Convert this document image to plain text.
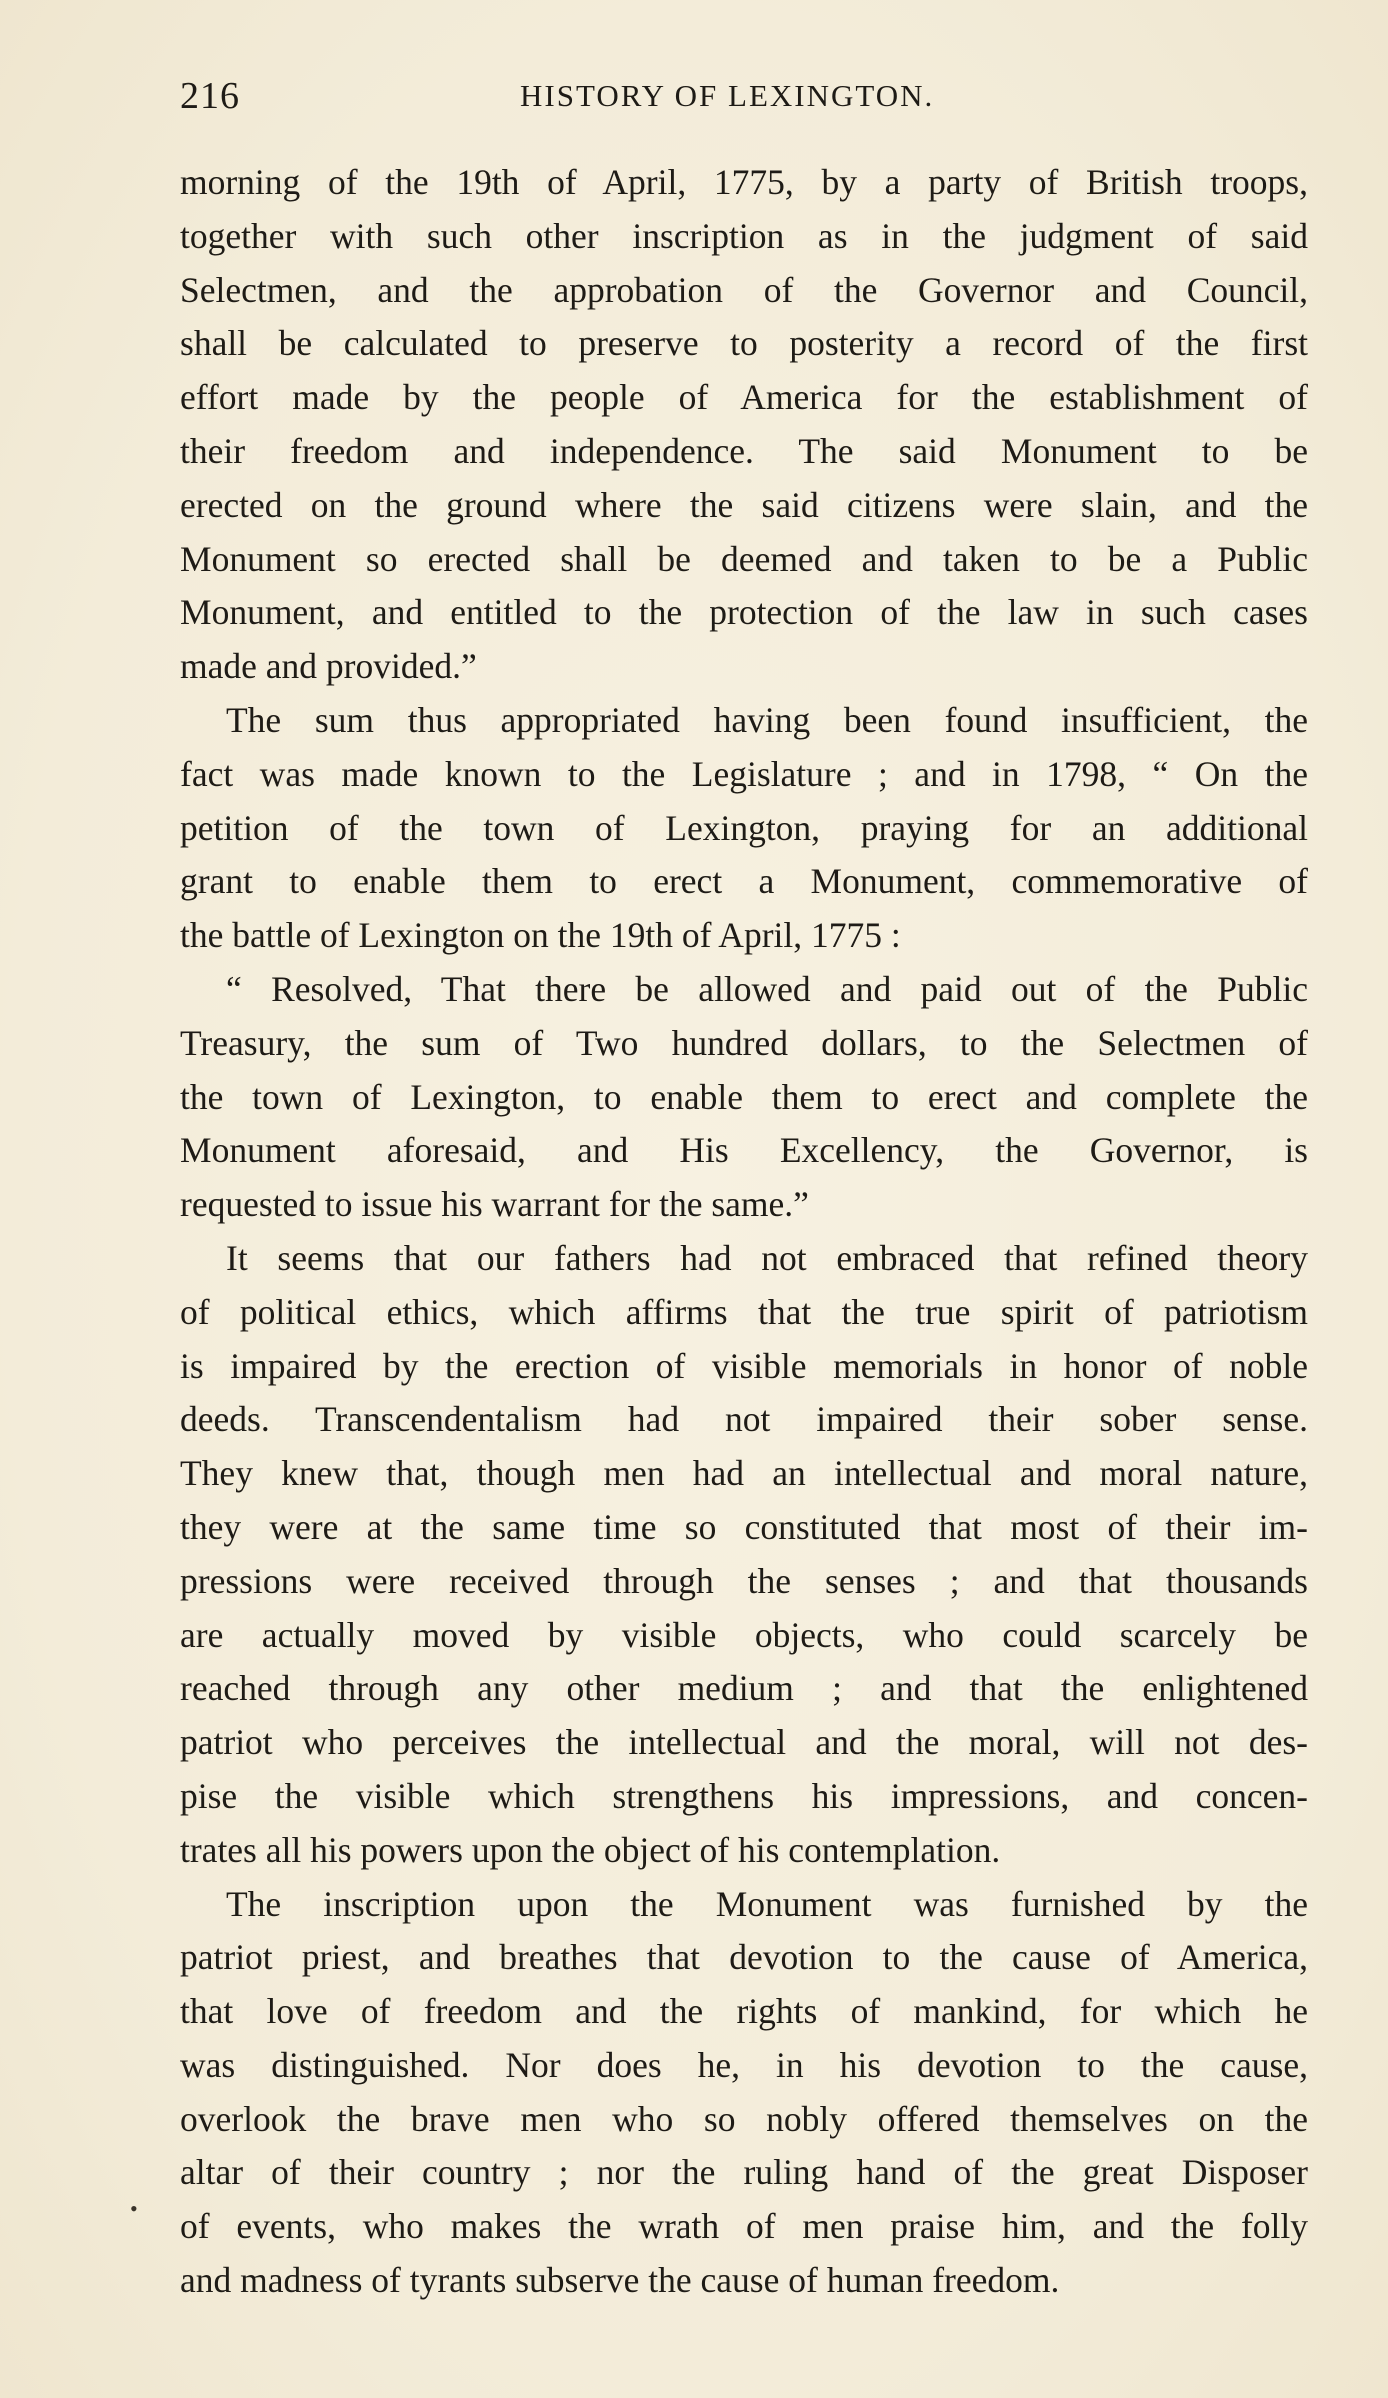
216	HISTORY OF LEXINGTON.
morning of the 19th of April, 1775, by a party of British troops,
together with such other inscription as in the judgment of said
Selectmen, and the approbation of the Governor and Council,
shall be calculated to preserve to posterity a record of the first
effort made by the people of America for the establishment of
their freedom and independence. The said Monument to be
erected on the ground where the said citizens were slain, and the
Monument so erected shall be deemed and taken to be a Public
Monument, and entitled to the protection of the law in such cases
made and provided.”
The sum thus appropriated having been found insufficient, the
fact was made known to the Legislature ; and in 1798, “ On the
petition of the town of Lexington, praying for an additional
grant to enable them to erect a Monument, commemorative of
the battle of Lexington on the 19th of April, 1775 :
“ Resolved, That there be allowed and paid out of the Public
Treasury, the sum of Two hundred dollars, to the Selectmen of
the town of Lexington, to enable them to erect and complete the
Monument aforesaid, and His Excellency, the Governor, is
requested to issue his warrant for the same.”
It seems that our fathers had not embraced that refined theory
of political ethics, which affirms that the true spirit of patriotism
is impaired by the erection of visible memorials in honor of noble
deeds. Transcendentalism had not impaired their sober sense.
They knew that, though men had an intellectual and moral nature,
they were at the same time so constituted that most of their im-
pressions were received through the senses ; and that thousands
are actually moved by visible objects, who could scarcely be
reached through any other medium ; and that the enlightened
patriot who perceives the intellectual and the moral, will not des-
pise the visible which strengthens his impressions, and concen-
trates all his powers upon the object of his contemplation.
The inscription upon the Monument was furnished by the
patriot priest, and breathes that devotion to the cause of America,
that love of freedom and the rights of mankind, for which he
was distinguished. Nor does he, in his devotion to the cause,
overlook the brave men who so nobly offered themselves on the
altar of their country ; nor the ruling hand of the great Disposer
of events, who makes the wrath of men praise him, and the folly
and madness of tyrants subserve the cause of human freedom.
•
